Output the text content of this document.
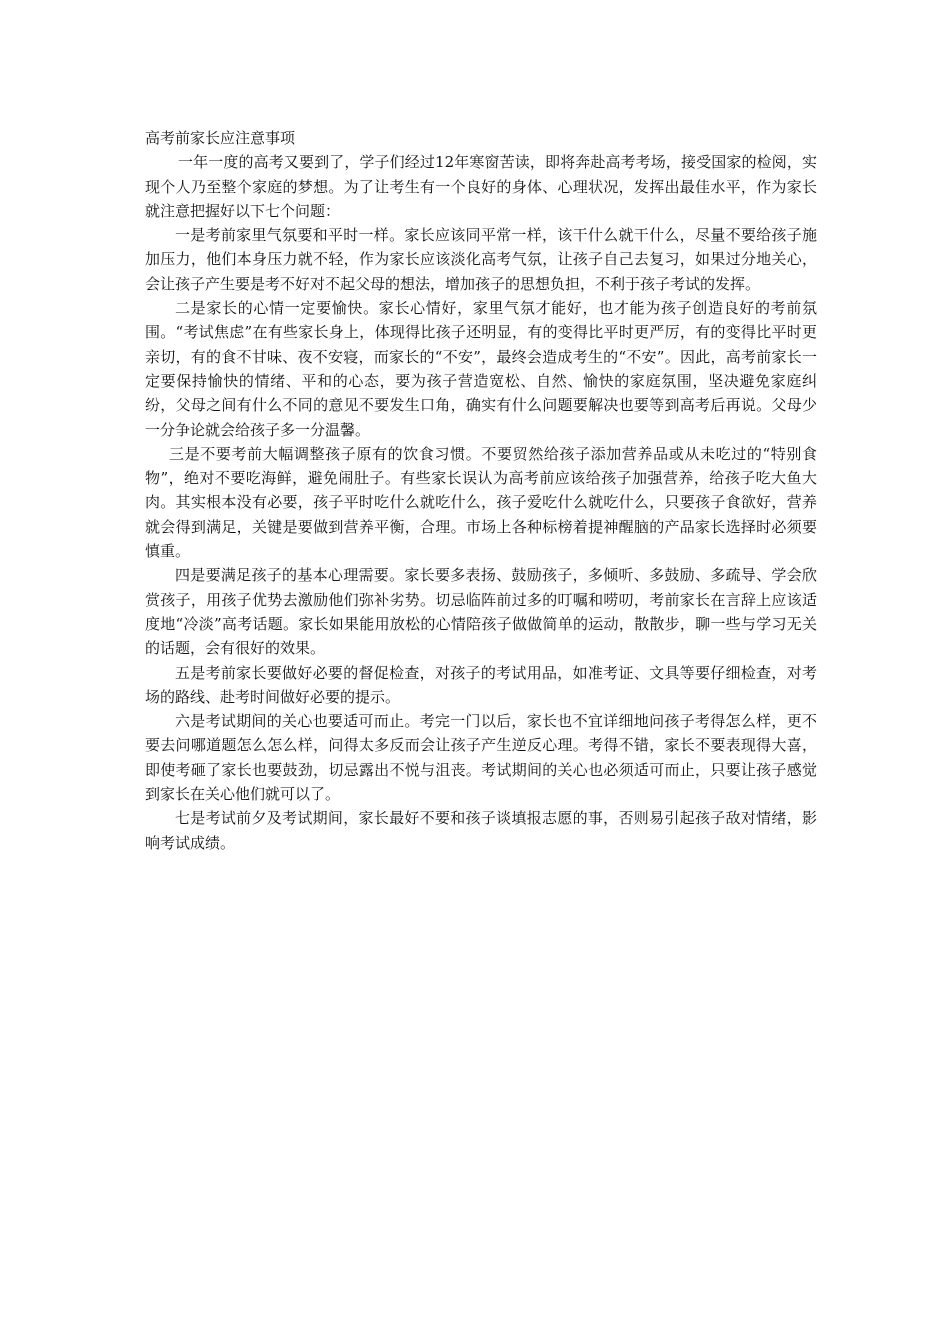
高考前家长应注意事项

一年一度的高考又要到了，学子们经过12年寒窗苦读，即将奔赴高考考场，接受国家的检阅，实现个人乃至整个家庭的梦想。为了让考生有一个良好的身体、心理状况，发挥出最佳水平，作为家长就注意把握好以下七个问题：

一是考前家里气氛要和平时一样。家长应该同平常一样，该干什么就干什么，尽量不要给孩子施加压力，他们本身压力就不轻，作为家长应该淡化高考气氛，让孩子自己去复习，如果过分地关心，会让孩子产生要是考不好对不起父母的想法，增加孩子的思想负担，不利于孩子考试的发挥。

二是家长的心情一定要愉快。家长心情好，家里气氛才能好，也才能为孩子创造良好的考前氛围。“考试焦虑”在有些家长身上，体现得比孩子还明显，有的变得比平时更严厉，有的变得比平时更亲切，有的食不甘味、夜不安寝，而家长的“不安”，最终会造成考生的“不安”。因此，高考前家长一定要保持愉快的情绪、平和的心态，要为孩子营造宽松、自然、愉快的家庭氛围，坚决避免家庭纠纷，父母之间有什么不同的意见不要发生口角，确实有什么问题要解决也要等到高考后再说。父母少一分争论就会给孩子多一分温馨。

三是不要考前大幅调整孩子原有的饮食习惯。不要贸然给孩子添加营养品或从未吃过的“特别食物”，绝对不要吃海鲜，避免闹肚子。有些家长误认为高考前应该给孩子加强营养，给孩子吃大鱼大肉。其实根本没有必要，孩子平时吃什么就吃什么，孩子爱吃什么就吃什么，只要孩子食欲好，营养就会得到满足，关键是要做到营养平衡，合理。市场上各种标榜着提神醒脑的产品家长选择时必须要慎重。

四是要满足孩子的基本心理需要。家长要多表扬、鼓励孩子，多倾听、多鼓励、多疏导、学会欣赏孩子，用孩子优势去激励他们弥补劣势。切忌临阵前过多的叮嘱和唠叨，考前家长在言辞上应该适度地“冷淡”高考话题。家长如果能用放松的心情陪孩子做做简单的运动，散散步，聊一些与学习无关的话题，会有很好的效果。

五是考前家长要做好必要的督促检查，对孩子的考试用品，如准考证、文具等要仔细检查，对考场的路线、赴考时间做好必要的提示。

六是考试期间的关心也要适可而止。考完一门以后，家长也不宜详细地问孩子考得怎么样，更不要去问哪道题怎么怎么样，问得太多反而会让孩子产生逆反心理。考得不错，家长不要表现得大喜，即使考砸了家长也要鼓劲，切忌露出不悦与沮丧。考试期间的关心也必须适可而止，只要让孩子感觉到家长在关心他们就可以了。

七是考试前夕及考试期间，家长最好不要和孩子谈填报志愿的事，否则易引起孩子敌对情绪，影响考试成绩。
